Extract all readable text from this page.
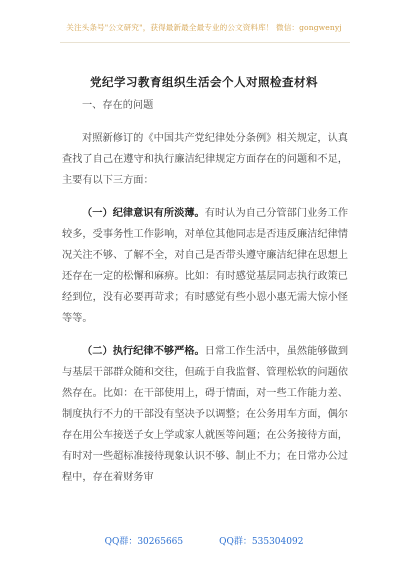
关注头条号"公文研究"，获得最新最全最专业的公文资料库！ 微信：gongwenyj
党纪学习教育组织生活会个人对照检查材料

一、存在的问题

对照新修订的《中国共产党纪律处分条例》相关规定，认真查找了自己在遵守和执行廉洁纪律规定方面存在的问题和不足，主要有以下三方面：

（一）纪律意识有所淡薄。有时认为自己分管部门业务工作较多，受事务性工作影响，对单位其他同志是否违反廉洁纪律情况关注不够、了解不全，对自己是否带头遵守廉洁纪律在思想上还存在一定的松懈和麻痹。比如：有时感觉基层同志执行政策已经到位，没有必要再苛求；有时感觉有些小恩小惠无需大惊小怪等等。

（二）执行纪律不够严格。日常工作生活中，虽然能够做到与基层干部群众随和交往，但疏于自我监督、管理松软的问题依然存在。比如：在干部使用上，碍于情面，对一些工作能力差、制度执行不力的干部没有坚决予以调整；在公务用车方面，偶尔存在用公车接送子女上学或家人就医等问题；在公务接待方面，有时对一些超标准接待现象认识不够、制止不力；在日常办公过程中，存在着财务审

QQ群：30265665	QQ群：535304092
